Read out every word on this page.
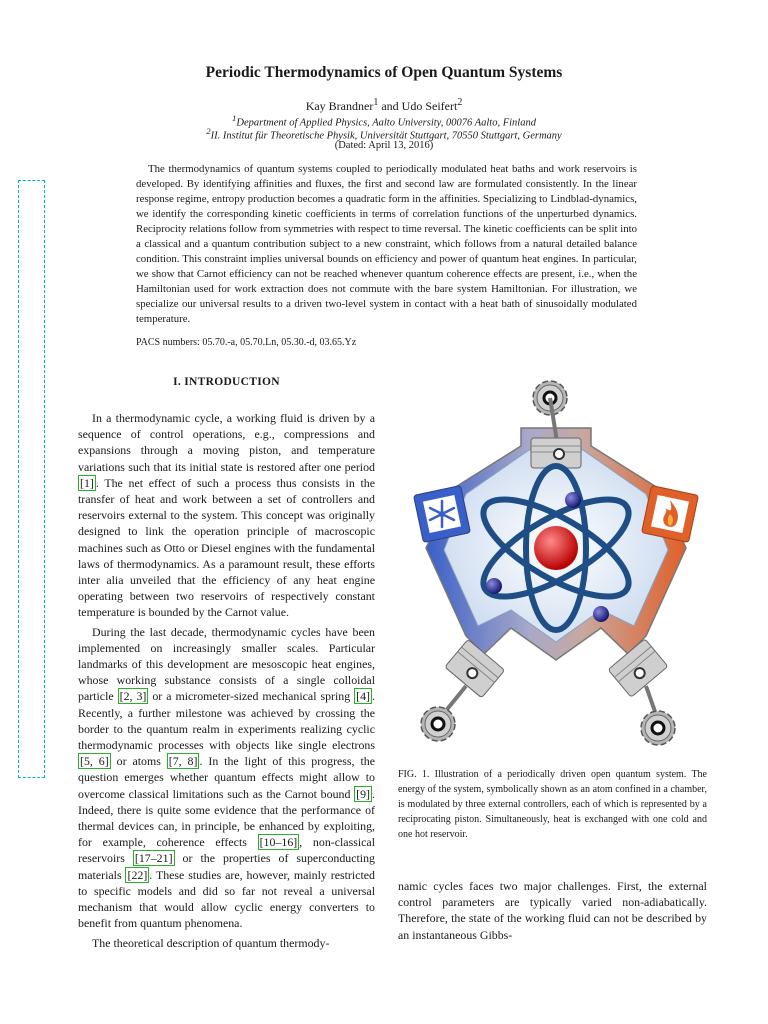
Periodic Thermodynamics of Open Quantum Systems
Kay Brandner$^1$ and Udo Seifert$^2$
$^1$Department of Applied Physics, Aalto University, 00076 Aalto, Finland
$^2$II. Institut für Theoretische Physik, Universität Stuttgart, 70550 Stuttgart, Germany
(Dated: April 13, 2016)

The thermodynamics of quantum systems coupled to periodically modulated heat baths and work reservoirs is developed. By identifying affinities and fluxes, the first and second law are formulated consistently. In the linear response regime, entropy production becomes a quadratic form in the affinities. Specializing to Lindblad-dynamics, we identify the corresponding kinetic coefficients in terms of correlation functions of the unperturbed dynamics. Reciprocity relations follow from symmetries with respect to time reversal. The kinetic coefficients can be split into a classical and a quantum contribution subject to a new constraint, which follows from a natural detailed balance condition. This constraint implies universal bounds on efficiency and power of quantum heat engines. In particular, we show that Carnot efficiency can not be reached whenever quantum coherence effects are present, i.e., when the Hamiltonian used for work extraction does not commute with the bare system Hamiltonian. For illustration, we specialize our universal results to a driven two-level system in contact with a heat bath of sinusoidally modulated temperature.

PACS numbers: 05.70.-a, 05.70.Ln, 05.30.-d, 03.65.Yz
I. INTRODUCTION

In a thermodynamic cycle, a working fluid is driven by a sequence of control operations, e.g., compressions and expansions through a moving piston, and temperature variations such that its initial state is restored after one period [1] . The net effect of such a process thus consists in the transfer of heat and work between a set of controllers and reservoirs external to the system. This concept was originally designed to link the operation principle of macroscopic machines such as Otto or Diesel engines with the fundamental laws of thermodynamics. As a paramount result, these efforts inter alia unveiled that the efficiency of any heat engine operating between two reservoirs of respectively constant temperature is bounded by the Carnot value.

During the last decade, thermodynamic cycles have been implemented on increasingly smaller scales. Particular landmarks of this development are mesoscopic heat engines, whose working substance consists of a single colloidal particle [2, 3] or a micrometer-sized mechanical spring [4] . Recently, a further milestone was achieved by crossing the border to the quantum realm in experiments realizing cyclic thermodynamic processes with objects like single electrons [5, 6] or atoms [7, 8] . In the light of this progress, the question emerges whether quantum effects might allow to overcome classical limitations such as the Carnot bound [9] . Indeed, there is quite some evidence that the performance of thermal devices can, in principle, be enhanced by exploiting, for example, coherence effects [10–16] , non-classical reservoirs [17–21] or the properties of superconducting materials [22] . These studies are, however, mainly restricted to specific models and did so far not reveal a universal mechanism that would allow cyclic energy converters to benefit from quantum phenomena.

The theoretical description of quantum thermody-

FIG. 1. Illustration of a periodically driven open quantum system. The energy of the system, symbolically shown as an atom confined in a chamber, is modulated by three external controllers, each of which is represented by a reciprocating piston. Simultaneously, heat is exchanged with one cold and one hot reservoir.

namic cycles faces two major challenges. First, the external control parameters are typically varied non-adiabatically. Therefore, the state of the working fluid can not be described by an instantaneous Gibbs-
